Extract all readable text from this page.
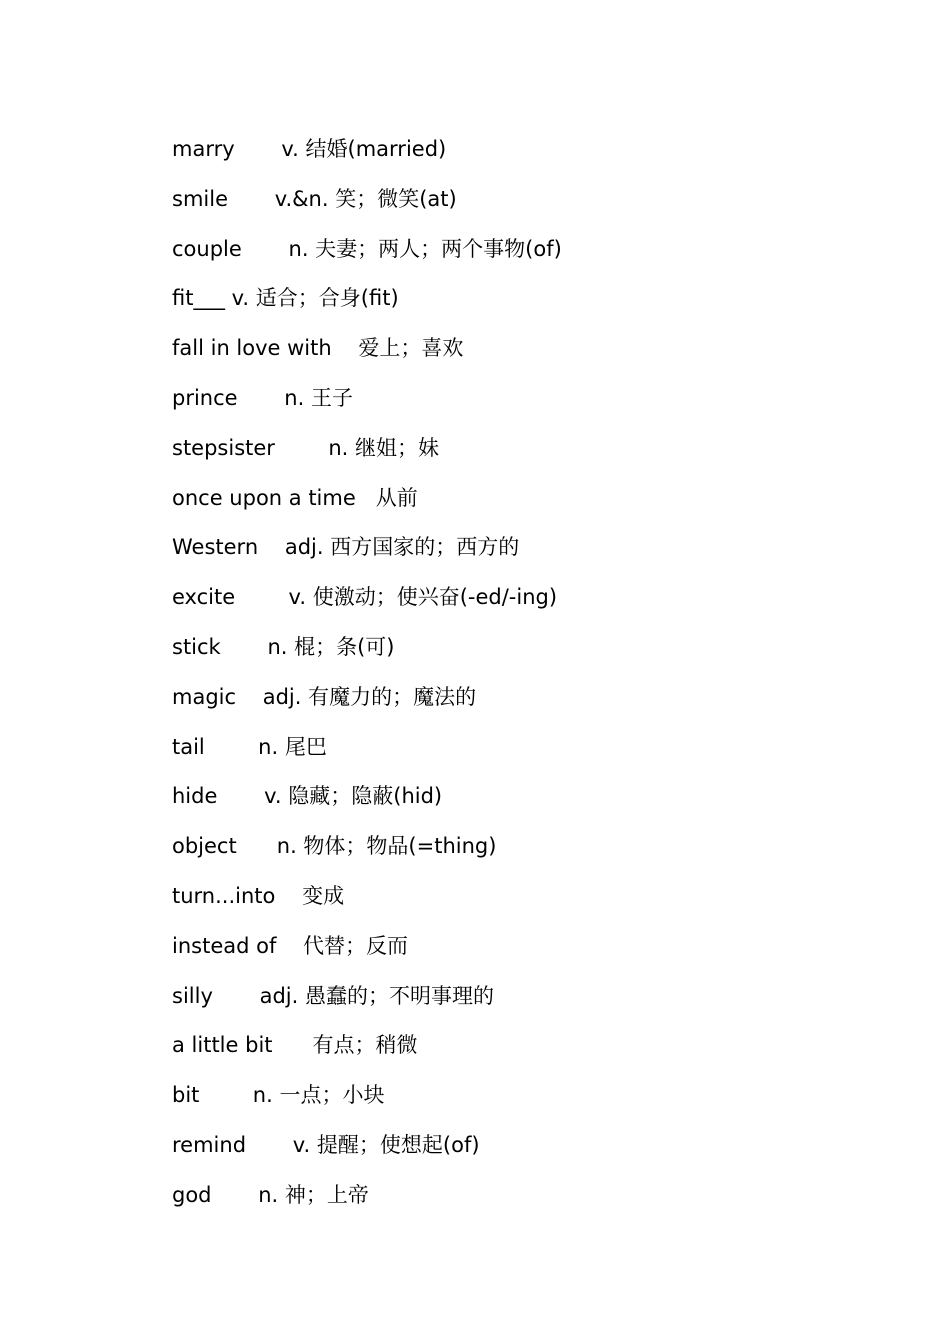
marry       v. 结婚(married)
smile       v.&n. 笑；微笑(at)
couple       n. 夫妻；两人；两个事物(of)
fit___ v. 适合；合身(fit)
fall in love with    爱上；喜欢
prince       n. 王子
stepsister        n. 继姐；妹
once upon a time   从前
Western    adj. 西方国家的；西方的
excite        v. 使激动；使兴奋(-ed/-ing)
stick       n. 棍；条(可)
magic    adj. 有魔力的；魔法的
tail        n. 尾巴
hide       v. 隐藏；隐蔽(hid)
object      n. 物体；物品(=thing)
turn...into    变成
instead of    代替；反而
silly       adj. 愚蠢的；不明事理的
a little bit      有点；稍微
bit        n. 一点；小块
remind       v. 提醒；使想起(of)
god       n. 神；上帝
